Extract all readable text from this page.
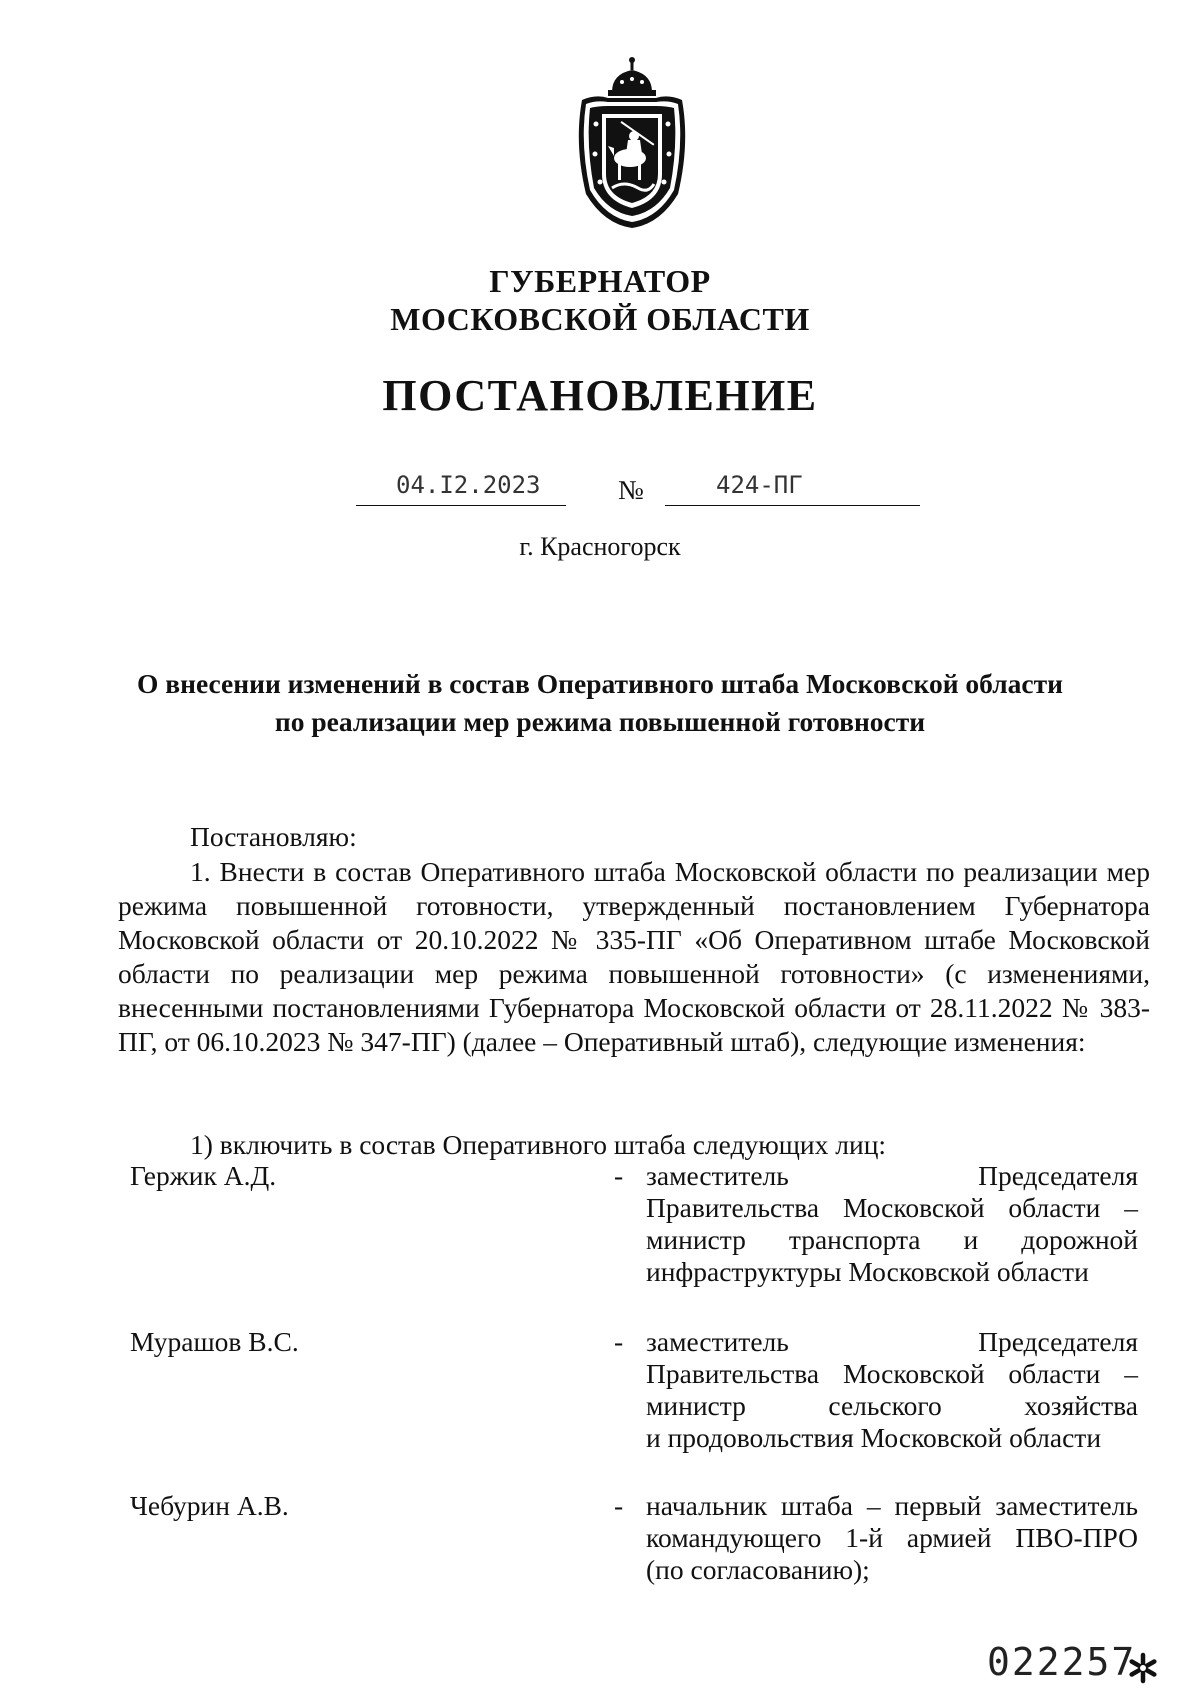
ГУБЕРНАТОР
МОСКОВСКОЙ ОБЛАСТИ
ПОСТАНОВЛЕНИЕ
04.I2.2023	№	424-ПГ
г. Красногорск
О внесении изменений в состав Оперативного штаба Московской области
по реализации мер режима повышенной готовности
Постановляю:
1. Внести в состав Оперативного штаба Московской области по реализации мер режима повышенной готовности, утвержденный постановлением Губернатора Московской области от 20.10.2022 № 335-ПГ «Об Оперативном штабе Московской области по реализации мер режима повышенной готовности» (с изменениями, внесенными постановлениями Губернатора Московской области от 28.11.2022 № 383-ПГ, от 06.10.2023 № 347-ПГ) (далее – Оперативный штаб), следующие изменения:
1) включить в состав Оперативного штаба следующих лиц:
Гержик А.Д.	- заместитель Председателя
Правительства Московской области –
министр транспорта и дорожной
инфраструктуры Московской области
Мурашов В.С.	- заместитель Председателя
Правительства Московской области –
министр сельского хозяйства
и продовольствия Московской области
Чебурин А.В.	- начальник штаба – первый заместитель
командующего 1-й армией ПВО-ПРО
(по согласованию);
022257
